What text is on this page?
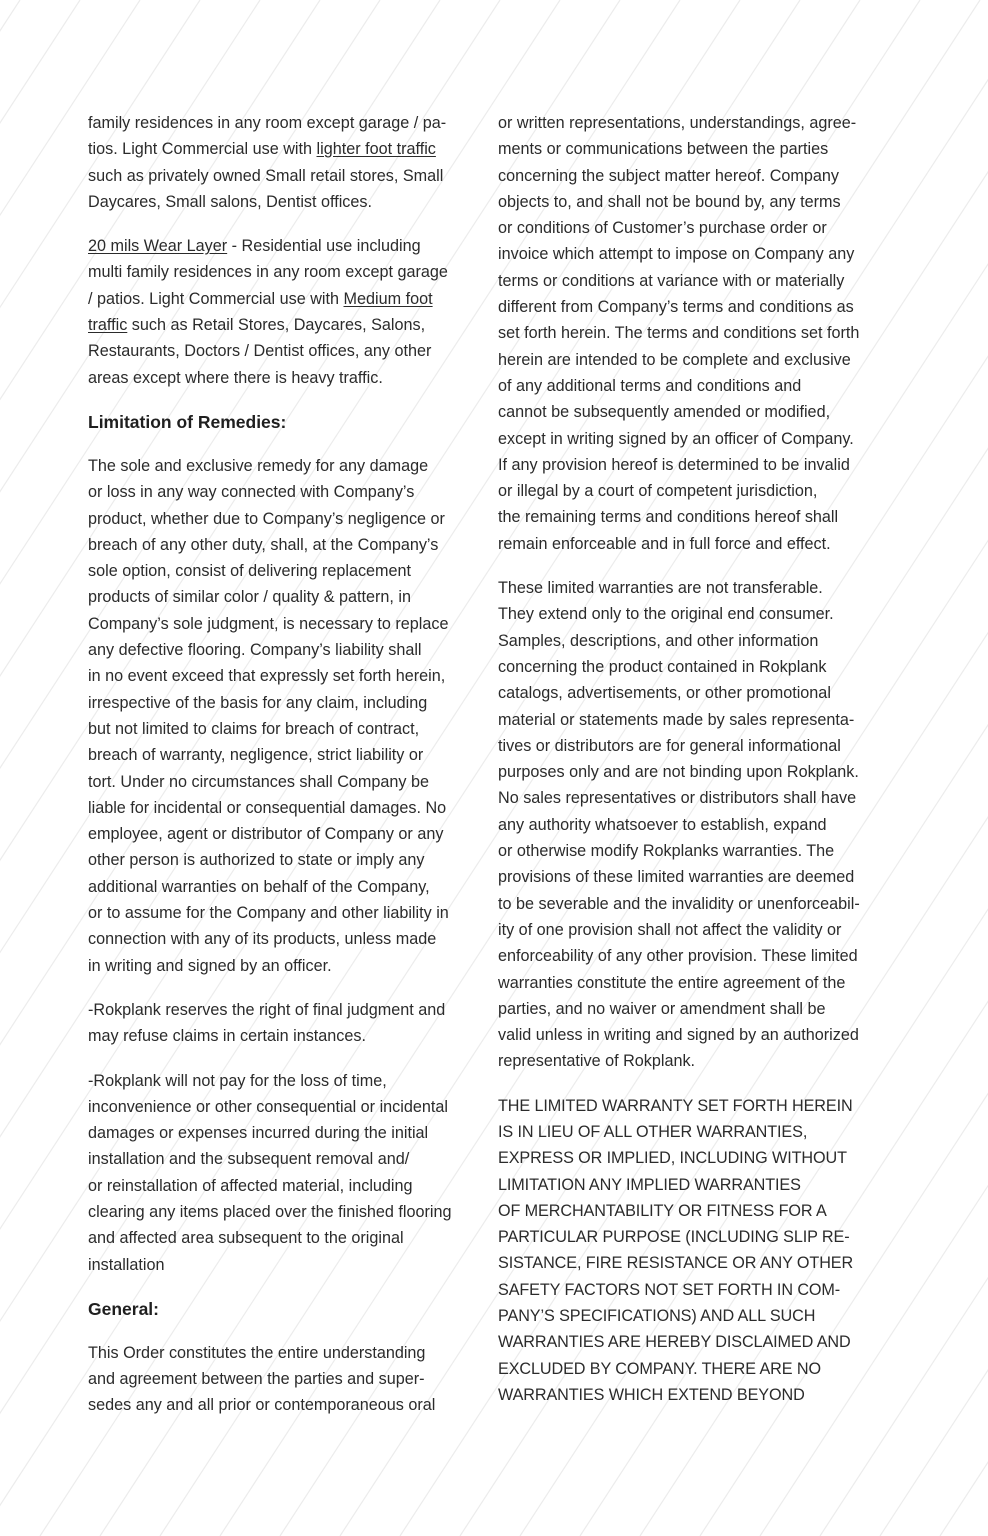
family residences in any room except garage / pa-
tios. Light Commercial use with lighter foot traffic
such as privately owned Small retail stores, Small
Daycares, Small salons, Dentist offices.

20 mils Wear Layer - Residential use including
multi family residences in any room except garage
/ patios. Light Commercial use with Medium foot
traffic such as Retail Stores, Daycares, Salons,
Restaurants, Doctors / Dentist offices, any other
areas except where there is heavy traffic.

Limitation of Remedies:

The sole and exclusive remedy for any damage
or loss in any way connected with Company’s
product, whether due to Company’s negligence or
breach of any other duty, shall, at the Company’s
sole option, consist of delivering replacement
products of similar color / quality & pattern, in
Company’s sole judgment, is necessary to replace
any defective flooring. Company’s liability shall
in no event exceed that expressly set forth herein,
irrespective of the basis for any claim, including
but not limited to claims for breach of contract,
breach of warranty, negligence, strict liability or
tort. Under no circumstances shall Company be
liable for incidental or consequential damages. No
employee, agent or distributor of Company or any
other person is authorized to state or imply any
additional warranties on behalf of the Company,
or to assume for the Company and other liability in
connection with any of its products, unless made
in writing and signed by an officer.

-Rokplank reserves the right of final judgment and
may refuse claims in certain instances.

-Rokplank will not pay for the loss of time,
inconvenience or other consequential or incidental
damages or expenses incurred during the initial
installation and the subsequent removal and/
or reinstallation of affected material, including
clearing any items placed over the finished flooring
and affected area subsequent to the original
installation

General:

This Order constitutes the entire understanding
and agreement between the parties and super-
sedes any and all prior or contemporaneous oral

or written representations, understandings, agree-
ments or communications between the parties
concerning the subject matter hereof. Company
objects to, and shall not be bound by, any terms
or conditions of Customer’s purchase order or
invoice which attempt to impose on Company any
terms or conditions at variance with or materially
different from Company’s terms and conditions as
set forth herein. The terms and conditions set forth
herein are intended to be complete and exclusive
of any additional terms and conditions and
cannot be subsequently amended or modified,
except in writing signed by an officer of Company.
If any provision hereof is determined to be invalid
or illegal by a court of competent jurisdiction,
the remaining terms and conditions hereof shall
remain enforceable and in full force and effect.

These limited warranties are not transferable.
They extend only to the original end consumer.
Samples, descriptions, and other information
concerning the product contained in Rokplank
catalogs, advertisements, or other promotional
material or statements made by sales representa-
tives or distributors are for general informational
purposes only and are not binding upon Rokplank.
No sales representatives or distributors shall have
any authority whatsoever to establish, expand
or otherwise modify Rokplanks warranties. The
provisions of these limited warranties are deemed
to be severable and the invalidity or unenforceabil-
ity of one provision shall not affect the validity or
enforceability of any other provision. These limited
warranties constitute the entire agreement of the
parties, and no waiver or amendment shall be
valid unless in writing and signed by an authorized
representative of Rokplank.

THE LIMITED WARRANTY SET FORTH HEREIN
IS IN LIEU OF ALL OTHER WARRANTIES,
EXPRESS OR IMPLIED, INCLUDING WITHOUT
LIMITATION ANY IMPLIED WARRANTIES
OF MERCHANTABILITY OR FITNESS FOR A
PARTICULAR PURPOSE (INCLUDING SLIP RE-
SISTANCE, FIRE RESISTANCE OR ANY OTHER
SAFETY FACTORS NOT SET FORTH IN COM-
PANY’S SPECIFICATIONS) AND ALL SUCH
WARRANTIES ARE HEREBY DISCLAIMED AND
EXCLUDED BY COMPANY. THERE ARE NO
WARRANTIES WHICH EXTEND BEYOND
